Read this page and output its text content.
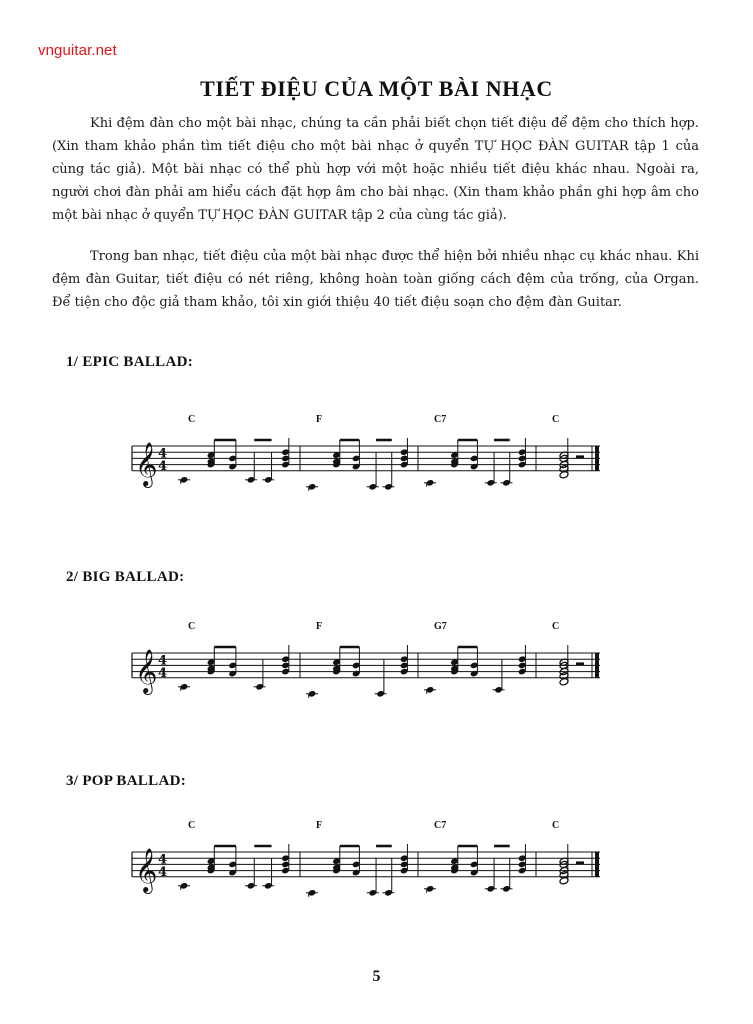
vnguitar.net
TIẾT ĐIỆU CỦA MỘT BÀI NHẠC

Khi đệm đàn cho một bài nhạc, chúng ta cần phải biết chọn tiết điệu để đệm cho thích hợp. (Xin tham khảo phần tìm tiết điệu cho một bài nhạc ở quyển TỰ HỌC ĐÀN GUITAR tập 1 của cùng tác giả). Một bài nhạc có thể phù hợp với một hoặc nhiều tiết điệu khác nhau. Ngoài ra, người chơi đàn phải am hiểu cách đặt hợp âm cho bài nhạc. (Xin tham khảo phần ghi hợp âm cho một bài nhạc ở quyển TỰ HỌC ĐÀN GUITAR tập 2 của cùng tác giả).

Trong ban nhạc, tiết điệu của một bài nhạc được thể hiện bởi nhiều nhạc cụ khác nhau. Khi đệm đàn Guitar, tiết điệu có nét riêng, không hoàn toàn giống cách đệm của trống, của Organ. Để tiện cho độc giả tham khảo, tôi xin giới thiệu 40 tiết điệu soạn cho đệm đàn Guitar.

1/ EPIC BALLAD:
𝄞 4
4
C	F	C7	C
2/ BIG BALLAD:
𝄞 4
4
C	F	G7	C
3/ POP BALLAD:
𝄞 4
4
C	F	C7	C
5
